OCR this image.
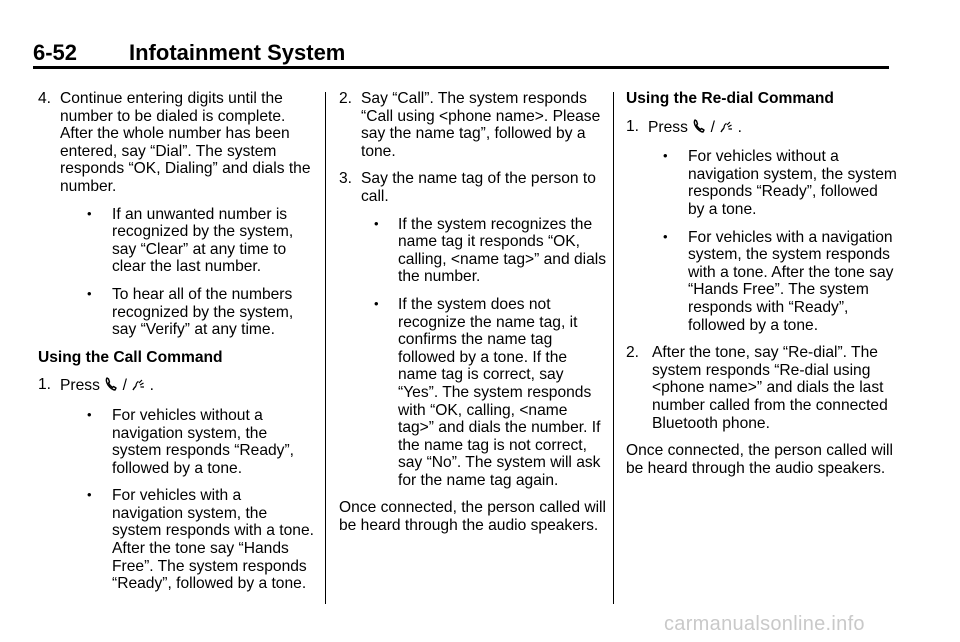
6-52 Infotainment System
4. Continue entering digits until the number to be dialed is complete. After the whole number has been entered, say “Dial”. The system responds “OK, Dialing” and dials the number.
• If an unwanted number is recognized by the system, say “Clear” at any time to clear the last number.
• To hear all of the numbers recognized by the system, say “Verify” at any time.
Using the Call Command
1. Press / .
• For vehicles without a navigation system, the system responds “Ready”, followed by a tone.
• For vehicles with a navigation system, the system responds with a tone. After the tone say “Hands Free”. The system responds “Ready”, followed by a tone.
2. Say “Call”. The system responds “Call using <phone name>. Please say the name tag”, followed by a tone.
3. Say the name tag of the person to call.
• If the system recognizes the name tag it responds “OK, calling, <name tag>” and dials the number.
• If the system does not recognize the name tag, it confirms the name tag followed by a tone. If the name tag is correct, say “Yes”. The system responds with “OK, calling, <name tag>” and dials the number. If the name tag is not correct, say “No”. The system will ask for the name tag again.
Once connected, the person called will be heard through the audio speakers.
Using the Re-dial Command
1. Press / .
• For vehicles without a navigation system, the system responds “Ready”, followed by a tone.
• For vehicles with a navigation system, the system responds with a tone. After the tone say “Hands Free”. The system responds with “Ready”, followed by a tone.
2. After the tone, say “Re-dial”. The system responds “Re-dial using <phone name>” and dials the last number called from the connected Bluetooth phone.
Once connected, the person called will be heard through the audio speakers.
carmanualsonline.info
